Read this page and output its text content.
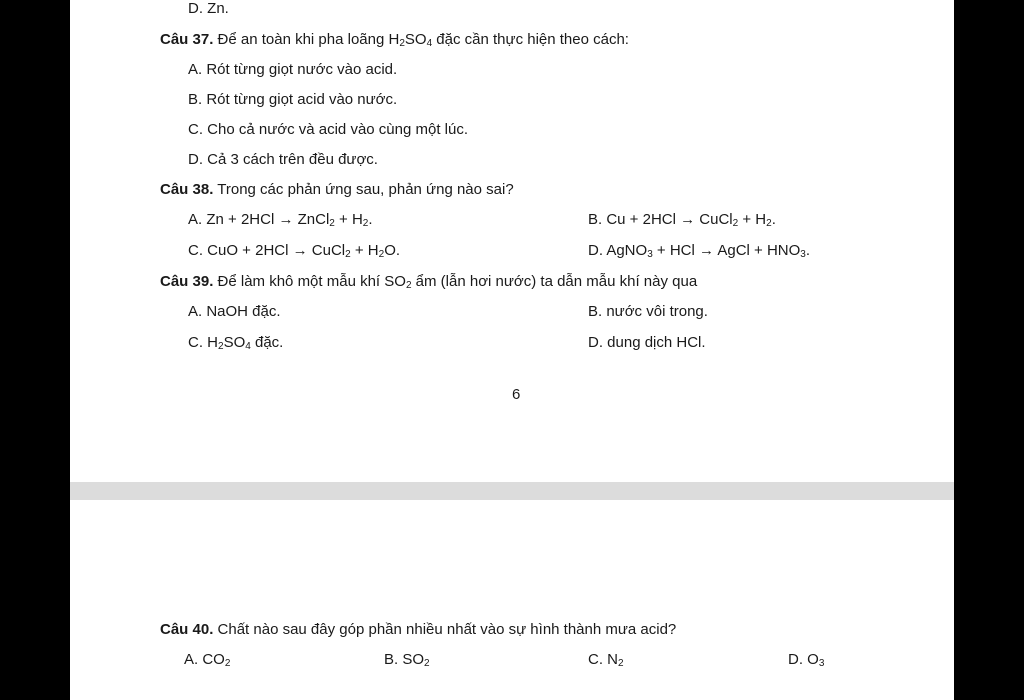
D. Zn.
Câu 37. Để an toàn khi pha loãng $H_2SO_4$ đặc cần thực hiện theo cách:
A. Rót từng giọt nước vào acid.
B. Rót từng giọt acid vào nước.
C. Cho cả nước và acid vào cùng một lúc.
D. Cả 3 cách trên đều được.
Câu 38. Trong các phản ứng sau, phản ứng nào sai?
A. Zn + 2HCl → ZnCl$_2$ + $H_2$.	B. Cu + 2HCl → CuCl$_2$ + $H_2$.
C. CuO + 2HCl → CuCl$_2$ + $H_2O$.	D. AgNO$_3$ + HCl → AgCl + $HNO_3$.
Câu 39. Để làm khô một mẫu khí $SO_2$ ẩm (lẫn hơi nước) ta dẫn mẫu khí này qua
A. NaOH đặc.	B. nước vôi trong.
C. $H_2SO_4$ đặc.	D. dung dịch HCl.
6
Câu 40. Chất nào sau đây góp phần nhiều nhất vào sự hình thành mưa acid?
A. $CO_2$	B. $SO_2$	C. $N_2$	D. $O_3$
